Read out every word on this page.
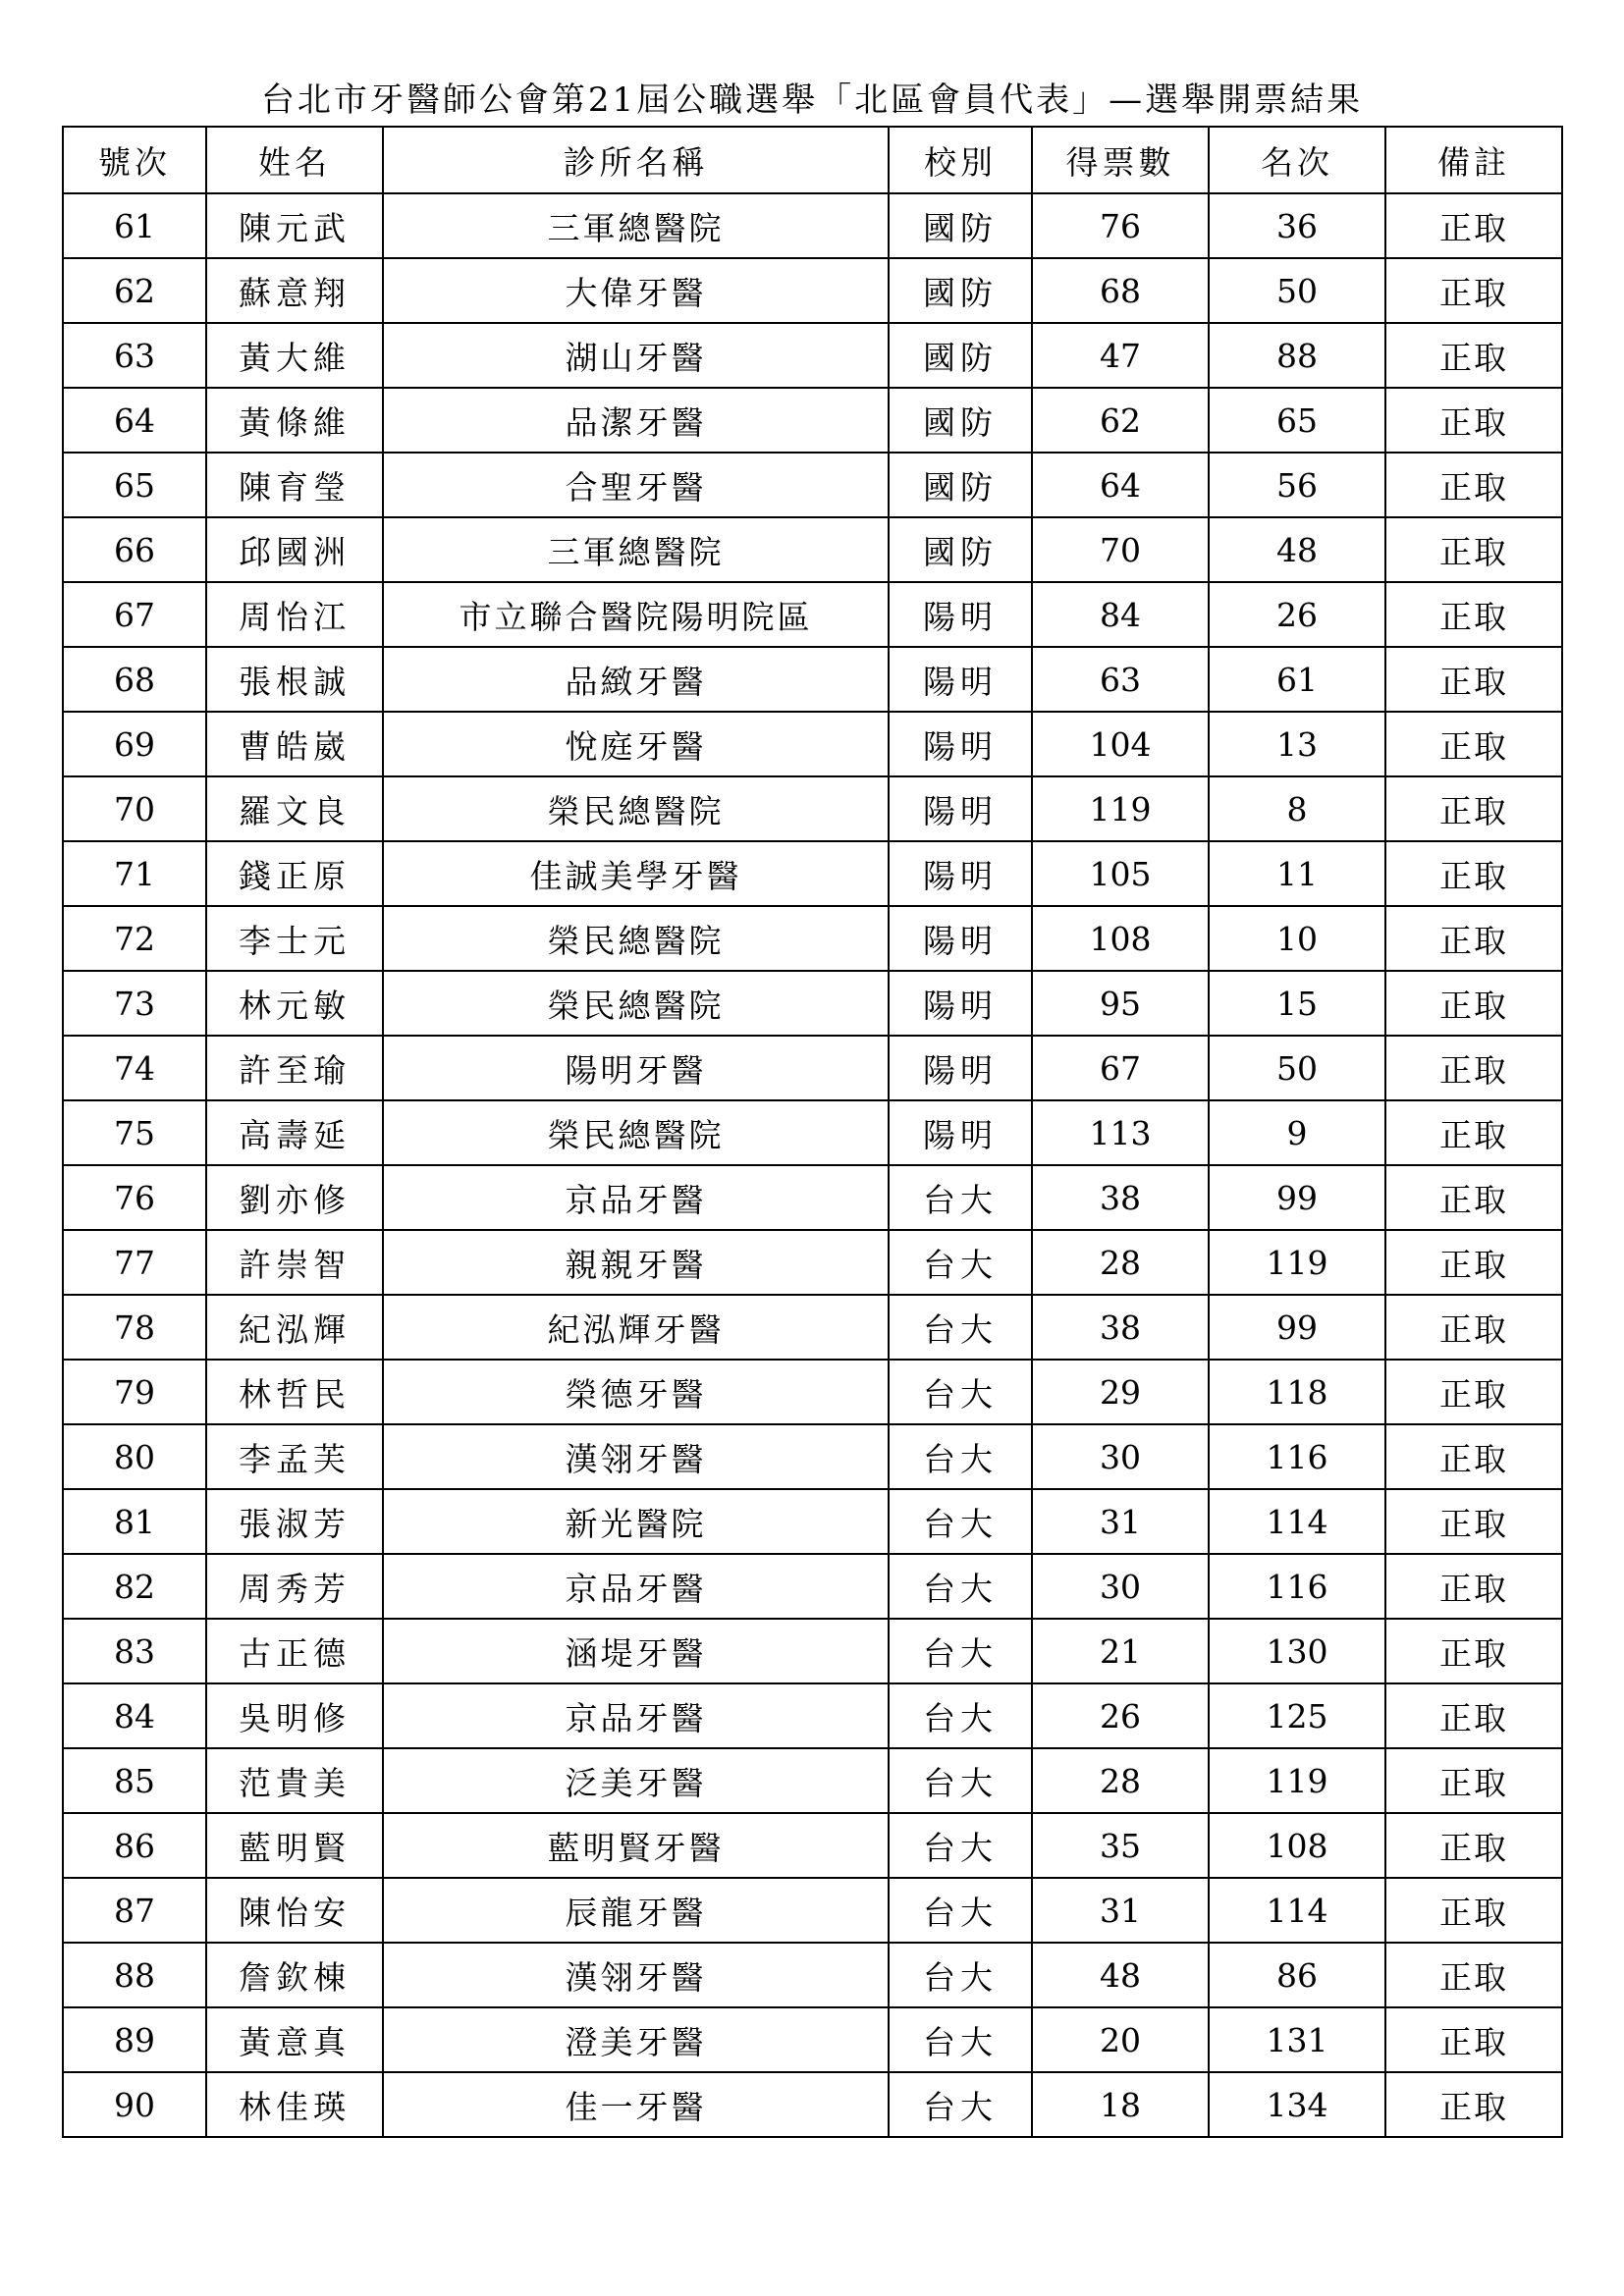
台北市牙醫師公會第21屆公職選舉「北區會員代表」—選舉開票結果
號次	姓名	診所名稱	校別	得票數	名次	備註
61	陳元武	三軍總醫院	國防	76	36	正取
62	蘇意翔	大偉牙醫	國防	68	50	正取
63	黃大維	湖山牙醫	國防	47	88	正取
64	黃條維	品潔牙醫	國防	62	65	正取
65	陳育瑩	合聖牙醫	國防	64	56	正取
66	邱國洲	三軍總醫院	國防	70	48	正取
67	周怡江	市立聯合醫院陽明院區	陽明	84	26	正取
68	張根誠	品緻牙醫	陽明	63	61	正取
69	曹皓崴	悅庭牙醫	陽明	104	13	正取
70	羅文良	榮民總醫院	陽明	119	8	正取
71	錢正原	佳誠美學牙醫	陽明	105	11	正取
72	李士元	榮民總醫院	陽明	108	10	正取
73	林元敏	榮民總醫院	陽明	95	15	正取
74	許至瑜	陽明牙醫	陽明	67	50	正取
75	高壽延	榮民總醫院	陽明	113	9	正取
76	劉亦修	京品牙醫	台大	38	99	正取
77	許崇智	親親牙醫	台大	28	119	正取
78	紀泓輝	紀泓輝牙醫	台大	38	99	正取
79	林哲民	榮德牙醫	台大	29	118	正取
80	李孟芙	漢翎牙醫	台大	30	116	正取
81	張淑芳	新光醫院	台大	31	114	正取
82	周秀芳	京品牙醫	台大	30	116	正取
83	古正德	涵堤牙醫	台大	21	130	正取
84	吳明修	京品牙醫	台大	26	125	正取
85	范貴美	泛美牙醫	台大	28	119	正取
86	藍明賢	藍明賢牙醫	台大	35	108	正取
87	陳怡安	辰龍牙醫	台大	31	114	正取
88	詹欽棟	漢翎牙醫	台大	48	86	正取
89	黃意真	澄美牙醫	台大	20	131	正取
90	林佳瑛	佳一牙醫	台大	18	134	正取
